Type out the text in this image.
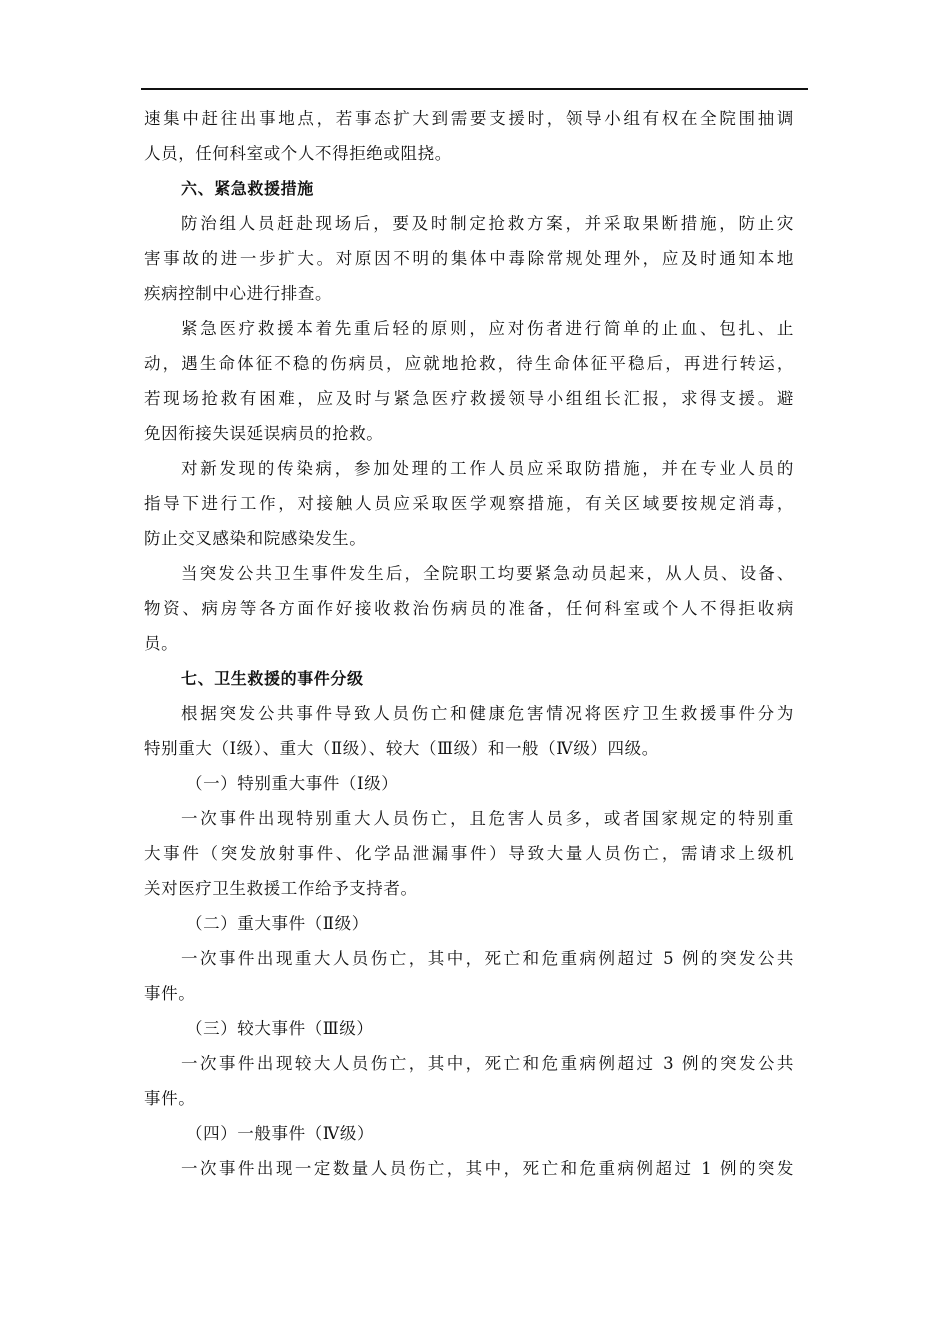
速集中赶往出事地点，若事态扩大到需要支援时，领导小组有权在全院围抽调
人员，任何科室或个人不得拒绝或阻挠。
六、紧急救援措施
防治组人员赶赴现场后，要及时制定抢救方案，并采取果断措施，防止灾
害事故的进一步扩大。对原因不明的集体中毒除常规处理外，应及时通知本地
疾病控制中心进行排查。
紧急医疗救援本着先重后轻的原则，应对伤者进行简单的止血、包扎、止
动，遇生命体征不稳的伤病员，应就地抢救，待生命体征平稳后，再进行转运，
若现场抢救有困难，应及时与紧急医疗救援领导小组组长汇报，求得支援。避
免因衔接失误延误病员的抢救。
对新发现的传染病，参加处理的工作人员应采取防措施，并在专业人员的
指导下进行工作，对接触人员应采取医学观察措施，有关区域要按规定消毒，
防止交叉感染和院感染发生。
当突发公共卫生事件发生后，全院职工均要紧急动员起来，从人员、设备、
物资、病房等各方面作好接收救治伤病员的准备，任何科室或个人不得拒收病
员。
七、卫生救援的事件分级
根据突发公共事件导致人员伤亡和健康危害情况将医疗卫生救援事件分为
特别重大（Ⅰ级）、重大（Ⅱ级）、较大（Ⅲ级）和一般（Ⅳ级）四级。
（一）特别重大事件（Ⅰ级）
一次事件出现特别重大人员伤亡，且危害人员多，或者国家规定的特别重
大事件（突发放射事件、化学品泄漏事件）导致大量人员伤亡，需请求上级机
关对医疗卫生救援工作给予支持者。
（二）重大事件（Ⅱ级）
一次事件出现重大人员伤亡，其中，死亡和危重病例超过 5 例的突发公共
事件。
（三）较大事件（Ⅲ级）
一次事件出现较大人员伤亡，其中，死亡和危重病例超过 3 例的突发公共
事件。
（四）一般事件（Ⅳ级）
一次事件出现一定数量人员伤亡，其中，死亡和危重病例超过 1 例的突发
